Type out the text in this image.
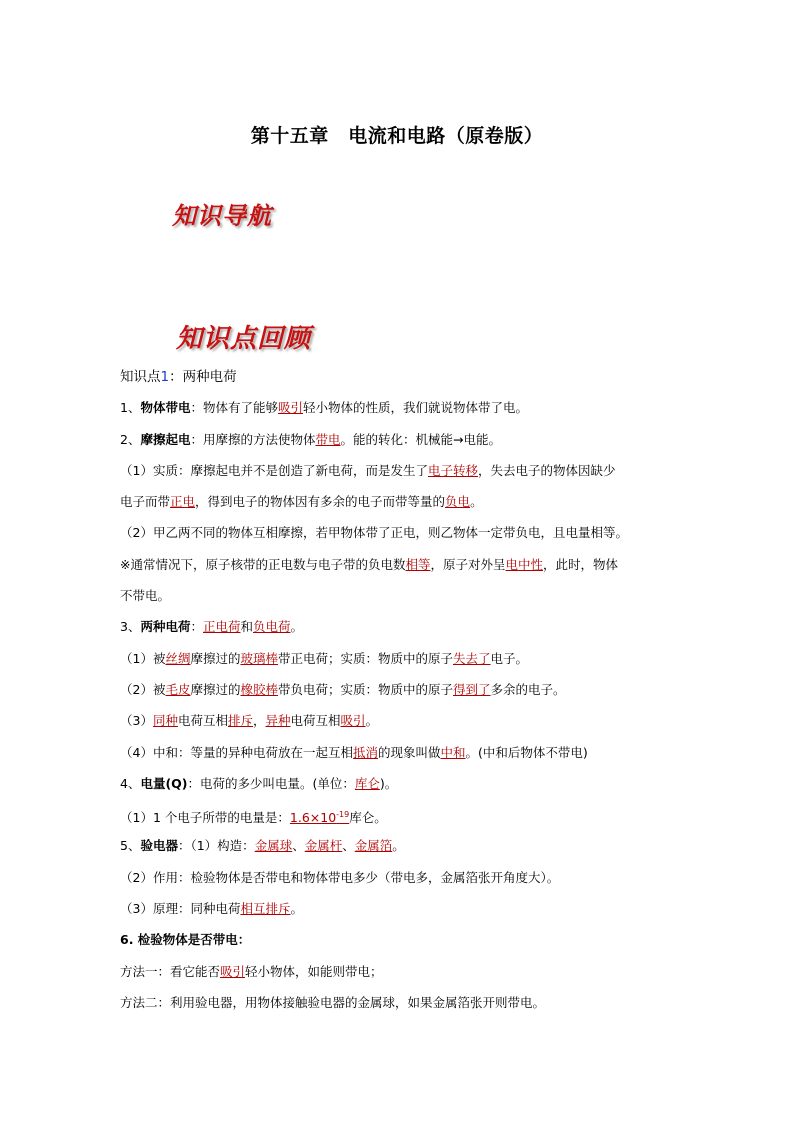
第十五章　电流和电路（原卷版）
知识导航
知识点回顾
知识点1：两种电荷
1、物体带电：物体有了能够吸引轻小物体的性质，我们就说物体带了电。
2、摩擦起电：用摩擦的方法使物体带电。能的转化：机械能→电能。
（1）实质：摩擦起电并不是创造了新电荷，而是发生了电子转移，失去电子的物体因缺少
电子而带正电，得到电子的物体因有多余的电子而带等量的负电。
（2）甲乙两不同的物体互相摩擦，若甲物体带了正电，则乙物体一定带负电，且电量相等。
※通常情况下，原子核带的正电数与电子带的负电数相等，原子对外呈电中性，此时，物体
不带电。
3、两种电荷：正电荷和负电荷。
（1）被丝绸摩擦过的玻璃棒带正电荷；实质：物质中的原子失去了电子。
（2）被毛皮摩擦过的橡胶棒带负电荷；实质：物质中的原子得到了多余的电子。
（3）同种电荷互相排斥，异种电荷互相吸引。
（4）中和：等量的异种电荷放在一起互相抵消的现象叫做中和。(中和后物体不带电)
4、电量(Q)：电荷的多少叫电量。(单位：库仑)。
（1）1 个电子所带的电量是：$1.6\times 10^{-19}$库仑。
5、验电器：（1）构造：金属球、金属杆、金属箔。
（2）作用：检验物体是否带电和物体带电多少（带电多，金属箔张开角度大）。
（3）原理：同种电荷相互排斥。
6. 检验物体是否带电：
方法一：看它能否吸引轻小物体，如能则带电；
方法二：利用验电器，用物体接触验电器的金属球，如果金属箔张开则带电。
